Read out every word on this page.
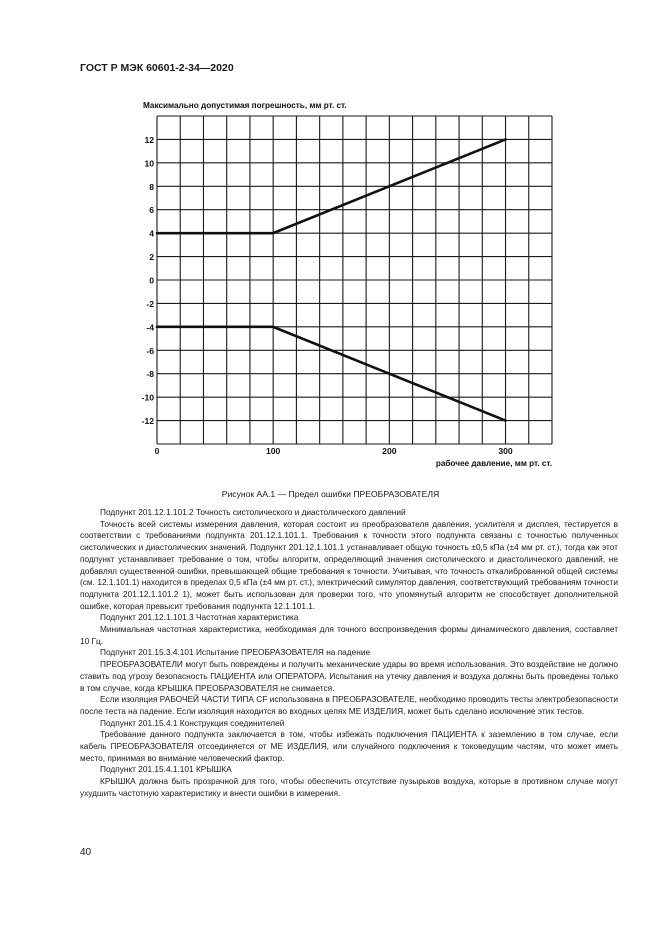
ГОСТ Р МЭК 60601-2-34—2020
Максимально допустимая погрешность, мм рт. ст.
12
10
8
6
4
2
0
-2
-4
-6
-8
-10
-12
0	100	200	300
рабочее давление, мм рт. ст.
Рисунок АА.1 — Предел ошибки ПРЕОБРАЗОВАТЕЛЯ

Подпункт 201.12.1.101.2 Точность систолического и диастолического давлений

Точность всей системы измерения давления, которая состоит из преобразователя давления, усилителя и дисплея, тестируется в соответствии с требованиями подпункта 201.12.1.101.1. Требования к точности этого подпункта связаны с точностью полученных систолических и диастолических значений. Подпункт 201.12.1.101.1 устанавливает общую точность ±0,5 кПа (±4 мм рт. ст.), тогда как этот подпункт устанавливает требование о том, чтобы алгоритм, определяющий значения систолического и диастолического давлений, не добавлял существенной ошибки, превышающей общие требования к точности. Учитывая, что точность откалиброванной общей системы (см. 12.1.101.1) находится в пределах 0,5 кПа (±4 мм рт. ст.), электрический симулятор давления, соответствующий требованиям точности подпункта 201.12.1.101.2 1), может быть использован для проверки того, что упомянутый алгоритм не способствует дополнительной ошибке, которая превысит требования подпункта 12.1.101.1.

Подпункт 201.12.1.101.3 Частотная характеристика

Минимальная частотная характеристика, необходимая для точного воспроизведения формы динамического давления, составляет 10 Гц.

Подпункт 201.15.3.4.101 Испытание ПРЕОБРАЗОВАТЕЛЯ на падение

ПРЕОБРАЗОВАТЕЛИ могут быть повреждены и получить механические удары во время использования. Это воздействие не должно ставить под угрозу безопасность ПАЦИЕНТА или ОПЕРАТОРА. Испытания на утечку давления и воздуха должны быть проведены только в том случае, когда КРЫШКА ПРЕОБРАЗОВАТЕЛЯ не снимается.

Если изоляция РАБОЧЕЙ ЧАСТИ ТИПА CF использована в ПРЕОБРАЗОВАТЕЛЕ, необходимо проводить тесты электробезопасности после теста на падение. Если изоляция находится во входных цепях МЕ ИЗДЕЛИЯ, может быть сделано исключение этих тестов.

Подпункт 201.15.4.1 Конструкция соединителей

Требование данного подпункта заключается в том, чтобы избежать подключения ПАЦИЕНТА к заземлению в том случае, если кабель ПРЕОБРАЗОВАТЕЛЯ отсоединяется от МЕ ИЗДЕЛИЯ, или случайного подключения к токоведущим частям, что может иметь место, принимая во внимание человеческий фактор.

Подпункт 201.15.4.1.101 КРЫШКА

КРЫШКА должна быть прозрачной для того, чтобы обеспечить отсутствие пузырьков воздуха, которые в противном случае могут ухудшить частотную характеристику и внести ошибки в измерения.

40
